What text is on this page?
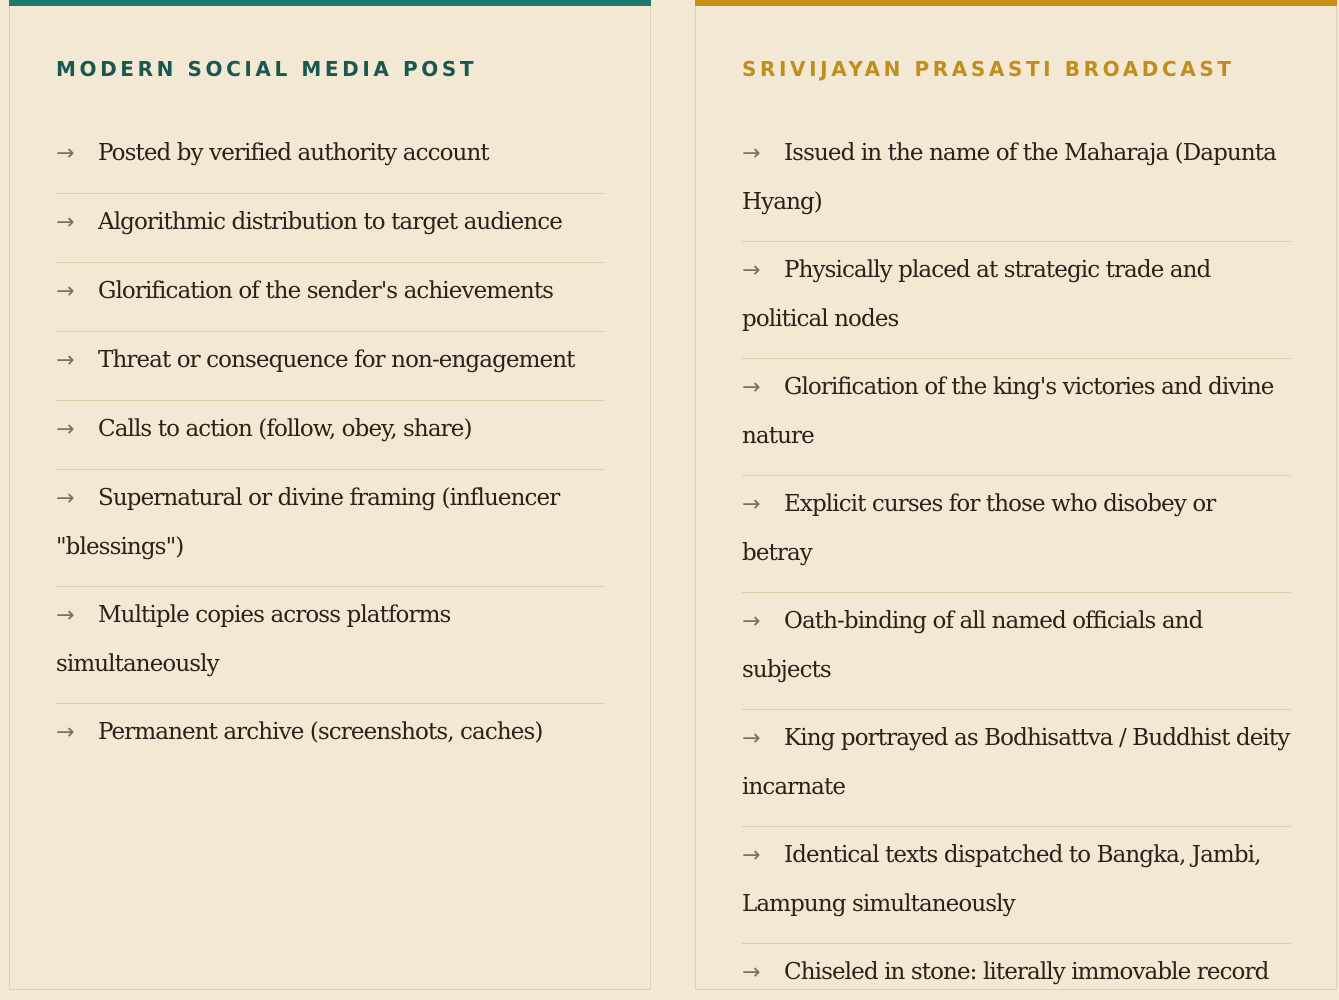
MODERN SOCIAL MEDIA POST
→ Posted by verified authority account
→ Algorithmic distribution to target audience
→ Glorification of the sender's achievements
→ Threat or consequence for non-engagement
→ Calls to action (follow, obey, share)
→ Supernatural or divine framing (influencer "blessings")
→ Multiple copies across platforms simultaneously
→ Permanent archive (screenshots, caches)
SRIVIJAYAN PRASASTI BROADCAST
→ Issued in the name of the Maharaja (Dapunta Hyang)
→ Physically placed at strategic trade and political nodes
→ Glorification of the king's victories and divine nature
→ Explicit curses for those who disobey or betray
→ Oath-binding of all named officials and subjects
→ King portrayed as Bodhisattva / Buddhist deity incarnate
→ Identical texts dispatched to Bangka, Jambi, Lampung simultaneously
→ Chiseled in stone: literally immovable record
